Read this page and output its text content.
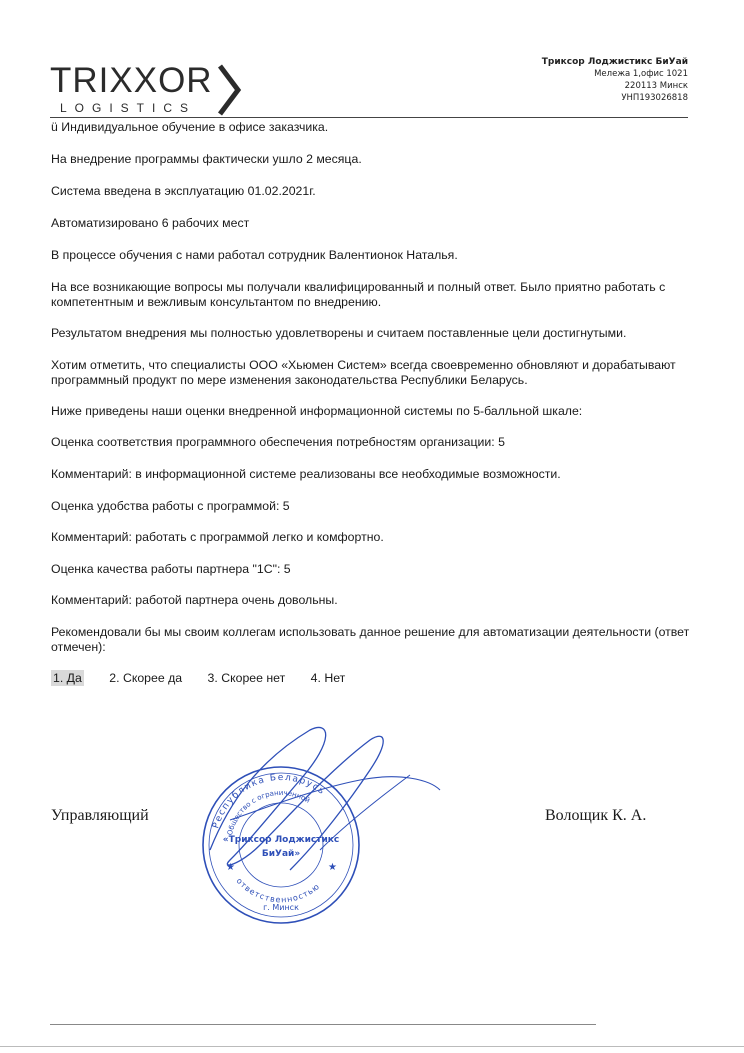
TRIXXOR
LOGISTICS
Триксор Лоджистикс БиУай
Мележа 1,офис 1021
220113 Минск
УНП193026818

ü Индивидуальное обучение в офисе заказчика.

На внедрение программы фактически ушло 2 месяца.

Система введена в эксплуатацию 01.02.2021г.

Автоматизировано 6 рабочих мест

В процессе обучения с нами работал сотрудник Валентионок Наталья.

На все возникающие вопросы мы получали квалифицированный и полный ответ. Было приятно работать с компетентным и вежливым консультантом по внедрению.

Результатом внедрения мы полностью удовлетворены и считаем поставленные цели достигнутыми.

Хотим отметить, что специалисты ООО «Хьюмен Систем» всегда своевременно обновляют и дорабатывают программный продукт по мере изменения законодательства Республики Беларусь.

Ниже приведены наши оценки внедренной информационной системы по 5-балльной шкале:

Оценка соответствия программного обеспечения потребностям организации: 5

Комментарий: в информационной системе реализованы все необходимые возможности.

Оценка удобства работы с программой: 5

Комментарий: работать с программой легко и комфортно.

Оценка качества работы партнера "1С": 5

Комментарий: работой партнера очень довольны.

Рекомендовали бы мы своим коллегам использовать данное решение для автоматизации деятельности (ответ отмечен):

1. Да 2. Скорее да 3. Скорее нет 4. Нет
Управляющий	Волощик К. А.
Республика Беларусь
Общество с ограниченной
ответственностью
«Триксор Лоджистикс
БиУай»
г. Минск
★	★
